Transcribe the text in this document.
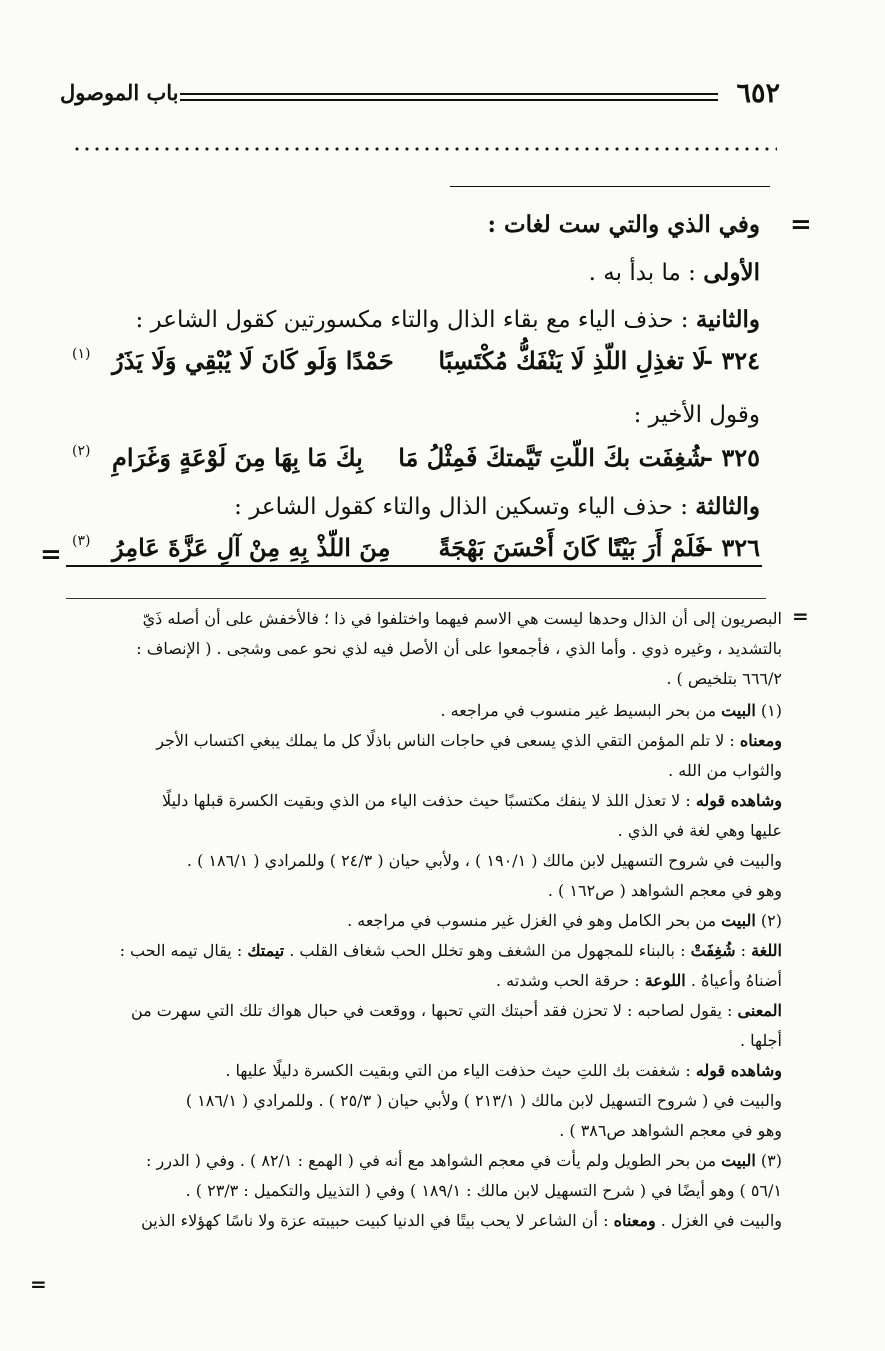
٦٥٢
باب الموصول
=
=
وفي الذي والتي ست لغات :
الأولى : ما بدأ به .
والثانية : حذف الياء مع بقاء الذال والتاء مكسورتين كقول الشاعر :
٣٢٤ -
لَا تغذِلِ اللّذِ لَا يَنْفَكُّ مُكْتَسِبًا
حَمْدًا وَلَو كَانَ لَا يُبْقِي وَلَا يَذَرُ
(١)
وقول الأخير :
٣٢٥ -
شُغِفَت بكَ اللّتِ تَيَّمتكَ فَمِثْلُ مَا
بِكَ مَا بِهَا مِنَ لَوْعَةٍ وَغَرَامِ
(٢)
والثالثة : حذف الياء وتسكين الذال والتاء كقول الشاعر :
٣٢٦ -
فَلَمْ أَرَ بَيْتًا كَانَ أَحْسَنَ بَهْجَةً
مِنَ اللّذْ بِهِ مِنْ آلِ عَزَّةَ عَامِرُ
(٣)
=
=
البصريون إلى أن الذال وحدها ليست هي الاسم فيهما واختلفوا في ذا ؛ فالأخفش على أن أصله ذَيّ
بالتشديد ، وغيره ذوي . وأما الذي ، فأجمعوا على أن الأصل فيه لذي نحو عمى وشجى . ( الإنصاف :
٦٦٦/٢ بتلخيص ) .
(١) البيت من بحر البسيط غير منسوب في مراجعه .
ومعناه : لا تلم المؤمن التقي الذي يسعى في حاجات الناس باذلًا كل ما يملك يبغي اكتساب الأجر
والثواب من الله .
وشاهده قوله : لا تعذل اللذ لا ينفك مكتسبًا حيث حذفت الياء من الذي وبقيت الكسرة قبلها دليلًا
عليها وهي لغة في الذي .
والبيت في شروح التسهيل لابن مالك ( ١٩٠/١ ) ، ولأبي حيان ( ٢٤/٣ ) وللمرادي ( ١٨٦/١ ) .
وهو في معجم الشواهد ( ص١٦٢ ) .
(٢) البيت من بحر الكامل وهو في الغزل غير منسوب في مراجعه .
اللغة : شُغِفَتْ : بالبناء للمجهول من الشغف وهو تخلل الحب شغاف القلب . تيمتك : يقال تيمه الحب :
أضناهُ وأعياهُ . اللوعة : حرقة الحب وشدته .
المعنى : يقول لصاحبه : لا تحزن فقد أحبتك التي تحبها ، ووقعت في حبال هواك تلك التي سهرت من
أجلها .
وشاهده قوله : شغفت بك اللتِ حيث حذفت الياء من التي وبقيت الكسرة دليلًا عليها .
والبيت في ( شروح التسهيل لابن مالك ( ٢١٣/١ ) ولأبي حيان ( ٢٥/٣ ) . وللمرادي ( ١٨٦/١ )
وهو في معجم الشواهد ص٣٨٦ ) .
(٣) البيت من بحر الطويل ولم يأت في معجم الشواهد مع أنه في ( الهمع : ٨٢/١ ) . وفي ( الدرر :
٥٦/١ ) وهو أيضًا في ( شرح التسهيل لابن مالك : ١٨٩/١ ) وفي ( التذييل والتكميل : ٢٣/٣ ) .
والبيت في الغزل . ومعناه : أن الشاعر لا يحب بيتًا في الدنيا كبيت حبيبته عزة ولا ناسًا كهؤلاء الذين
